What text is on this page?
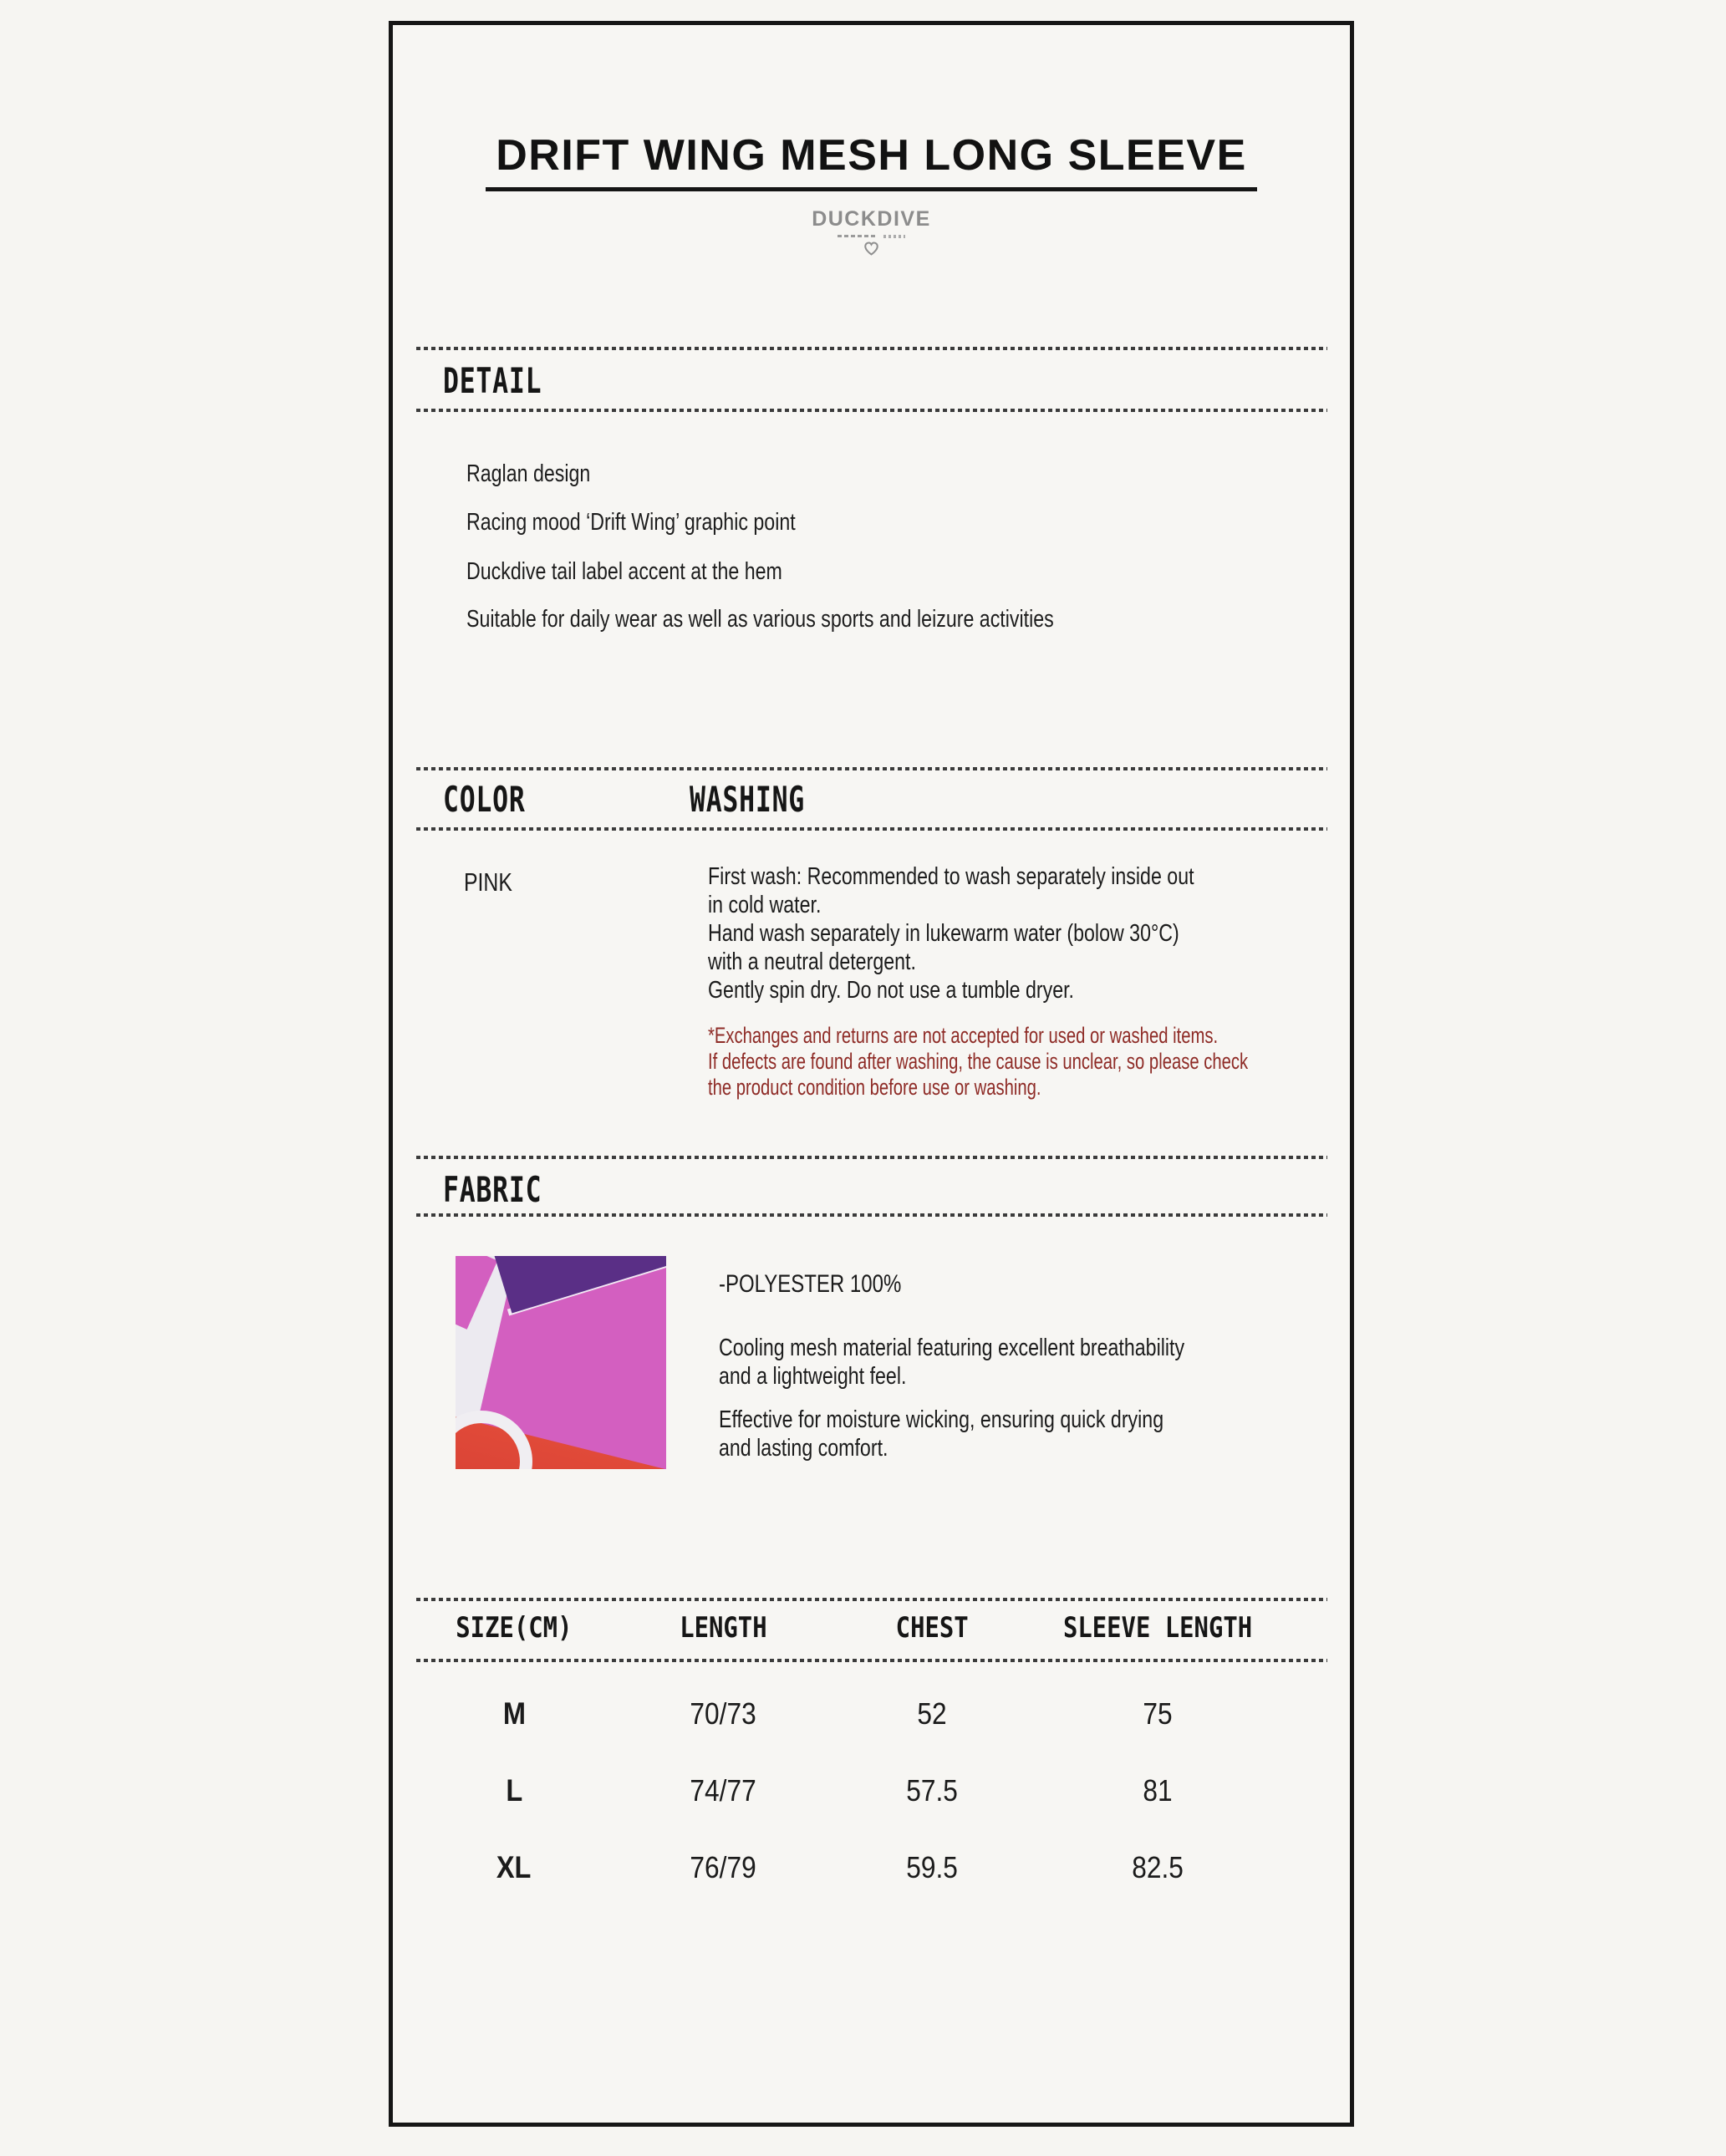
DRIFT WING MESH LONG SLEEVE
DUCKDIVE
DETAIL
Raglan design
Racing mood ‘Drift Wing’ graphic point
Duckdive tail label accent at the hem
Suitable for daily wear as well as various sports and leizure activities
COLOR	WASHING
PINK	First wash: Recommended to wash separately inside out
in cold water.
Hand wash separately in lukewarm water (bolow 30°C)
with a neutral detergent.
Gently spin dry. Do not use a tumble dryer.
*Exchanges and returns are not accepted for used or washed items.
If defects are found after washing, the cause is unclear, so please check
the product condition before use or washing.
FABRIC
-POLYESTER 100%
Cooling mesh material featuring excellent breathability
and a lightweight feel.
Effective for moisture wicking, ensuring quick drying
and lasting comfort.
SIZE(CM)	LENGTH	CHEST	SLEEVE LENGTH
M	70/73	52	75
L	74/77	57.5	81
XL	76/79	59.5	82.5
